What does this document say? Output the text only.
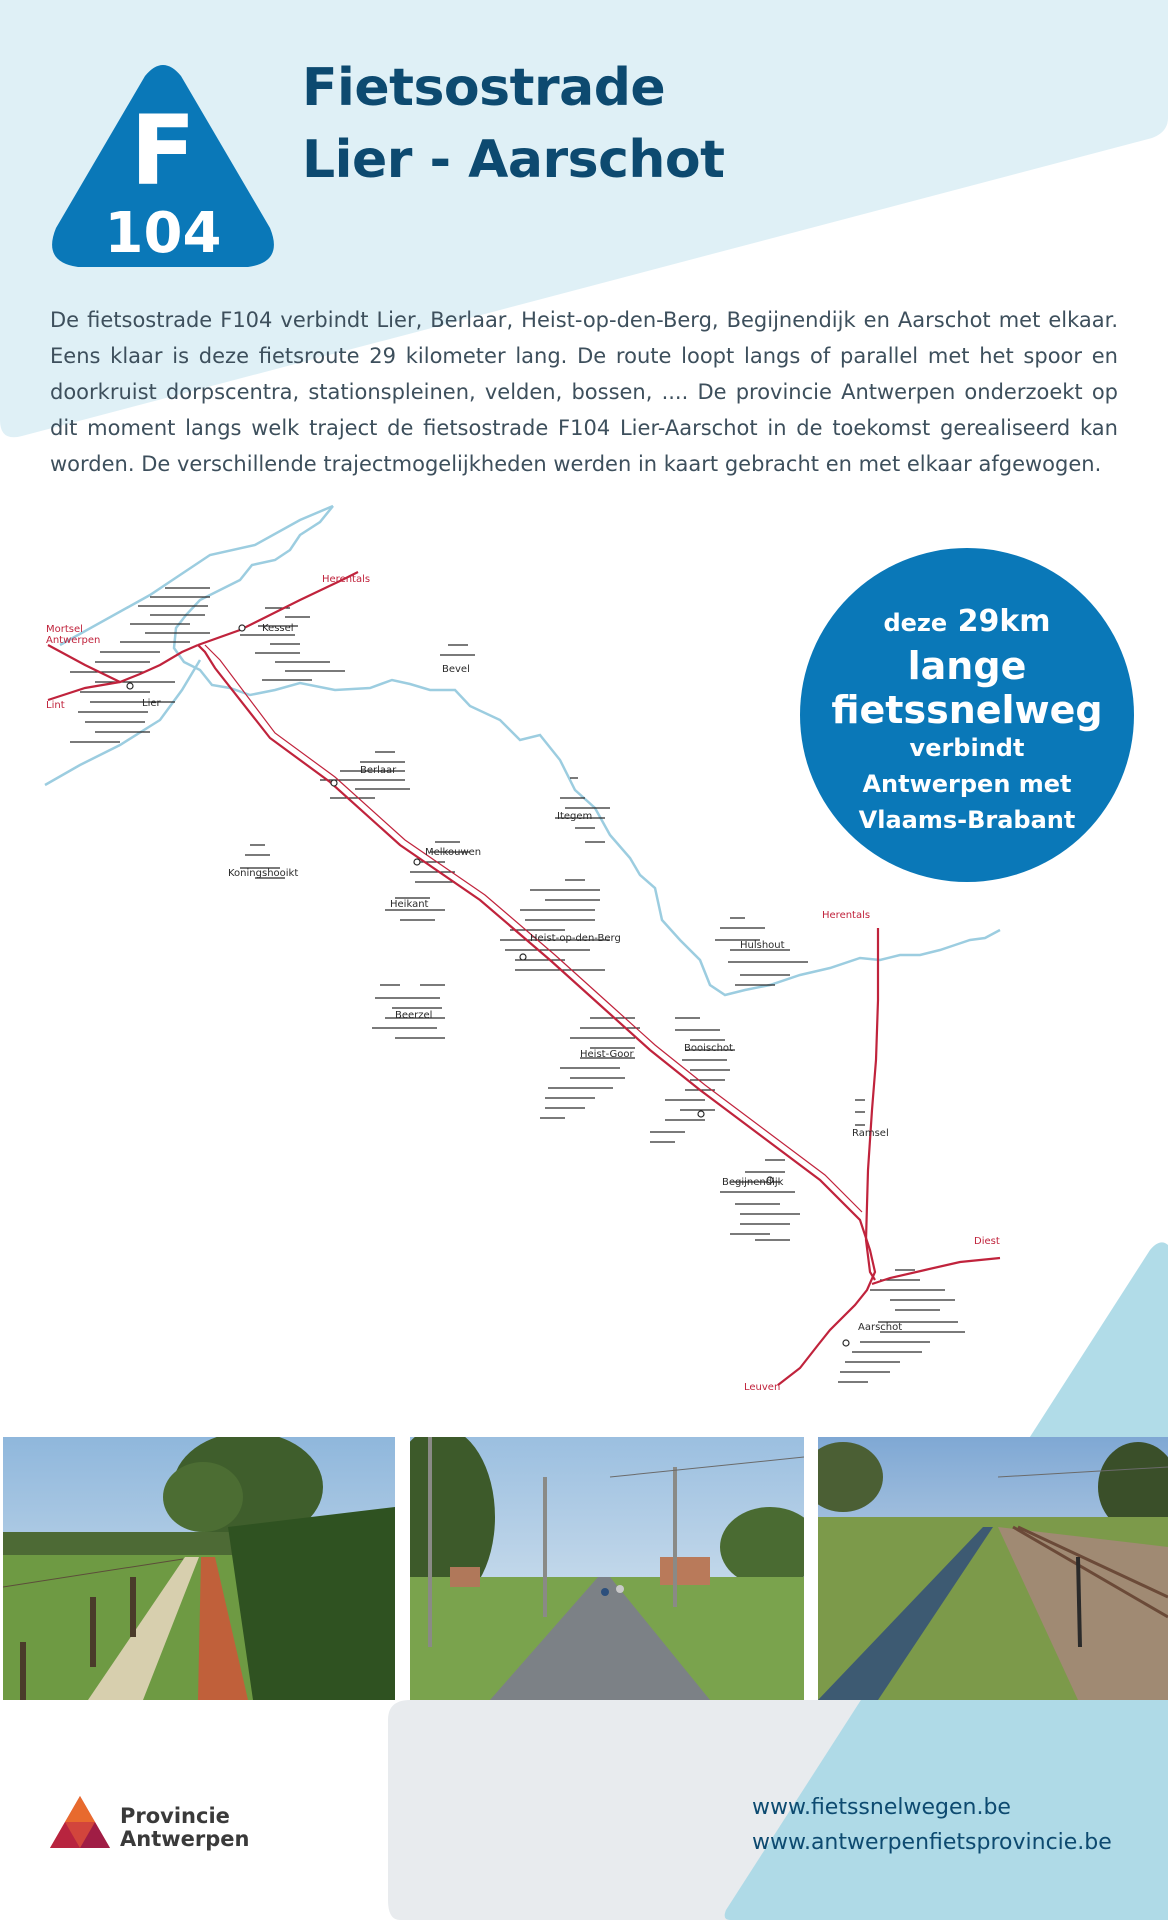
F
104
Fietsostrade
Lier - Aarschot

De fietsostrade F104 verbindt Lier, Berlaar, Heist-op-den-Berg, Begijnendijk en Aarschot met elkaar. Eens klaar is deze fietsroute 29 kilometer lang. De route loopt langs of parallel met het spoor en doorkruist dorpscentra, stationspleinen, velden, bossen, .... De provincie Antwerpen onderzoekt op dit moment langs welk traject de fietsostrade F104 Lier-Aarschot in de toekomst gerealiseerd kan worden. De verschillende trajectmogelijkheden werden in kaart gebracht en met elkaar afgewogen.

Mortsel
Antwerpen
Lint
Herentals
Herentals
Diest
Leuven
Lier
Kessel
Bevel
Berlaar
Itegem
Koningshooikt
Melkouwen
Heikant
Heist-op-den-Berg
Hulshout
Beerzel
Heist-Goor
Booischot
Ramsel
Begijnendijk
Aarschot
deze 29km
lange
fietssnelweg
verbindt
Antwerpen met
Vlaams-Brabant
Provincie
Antwerpen
www.fietssnelwegen.be
www.antwerpenfietsprovincie.be
